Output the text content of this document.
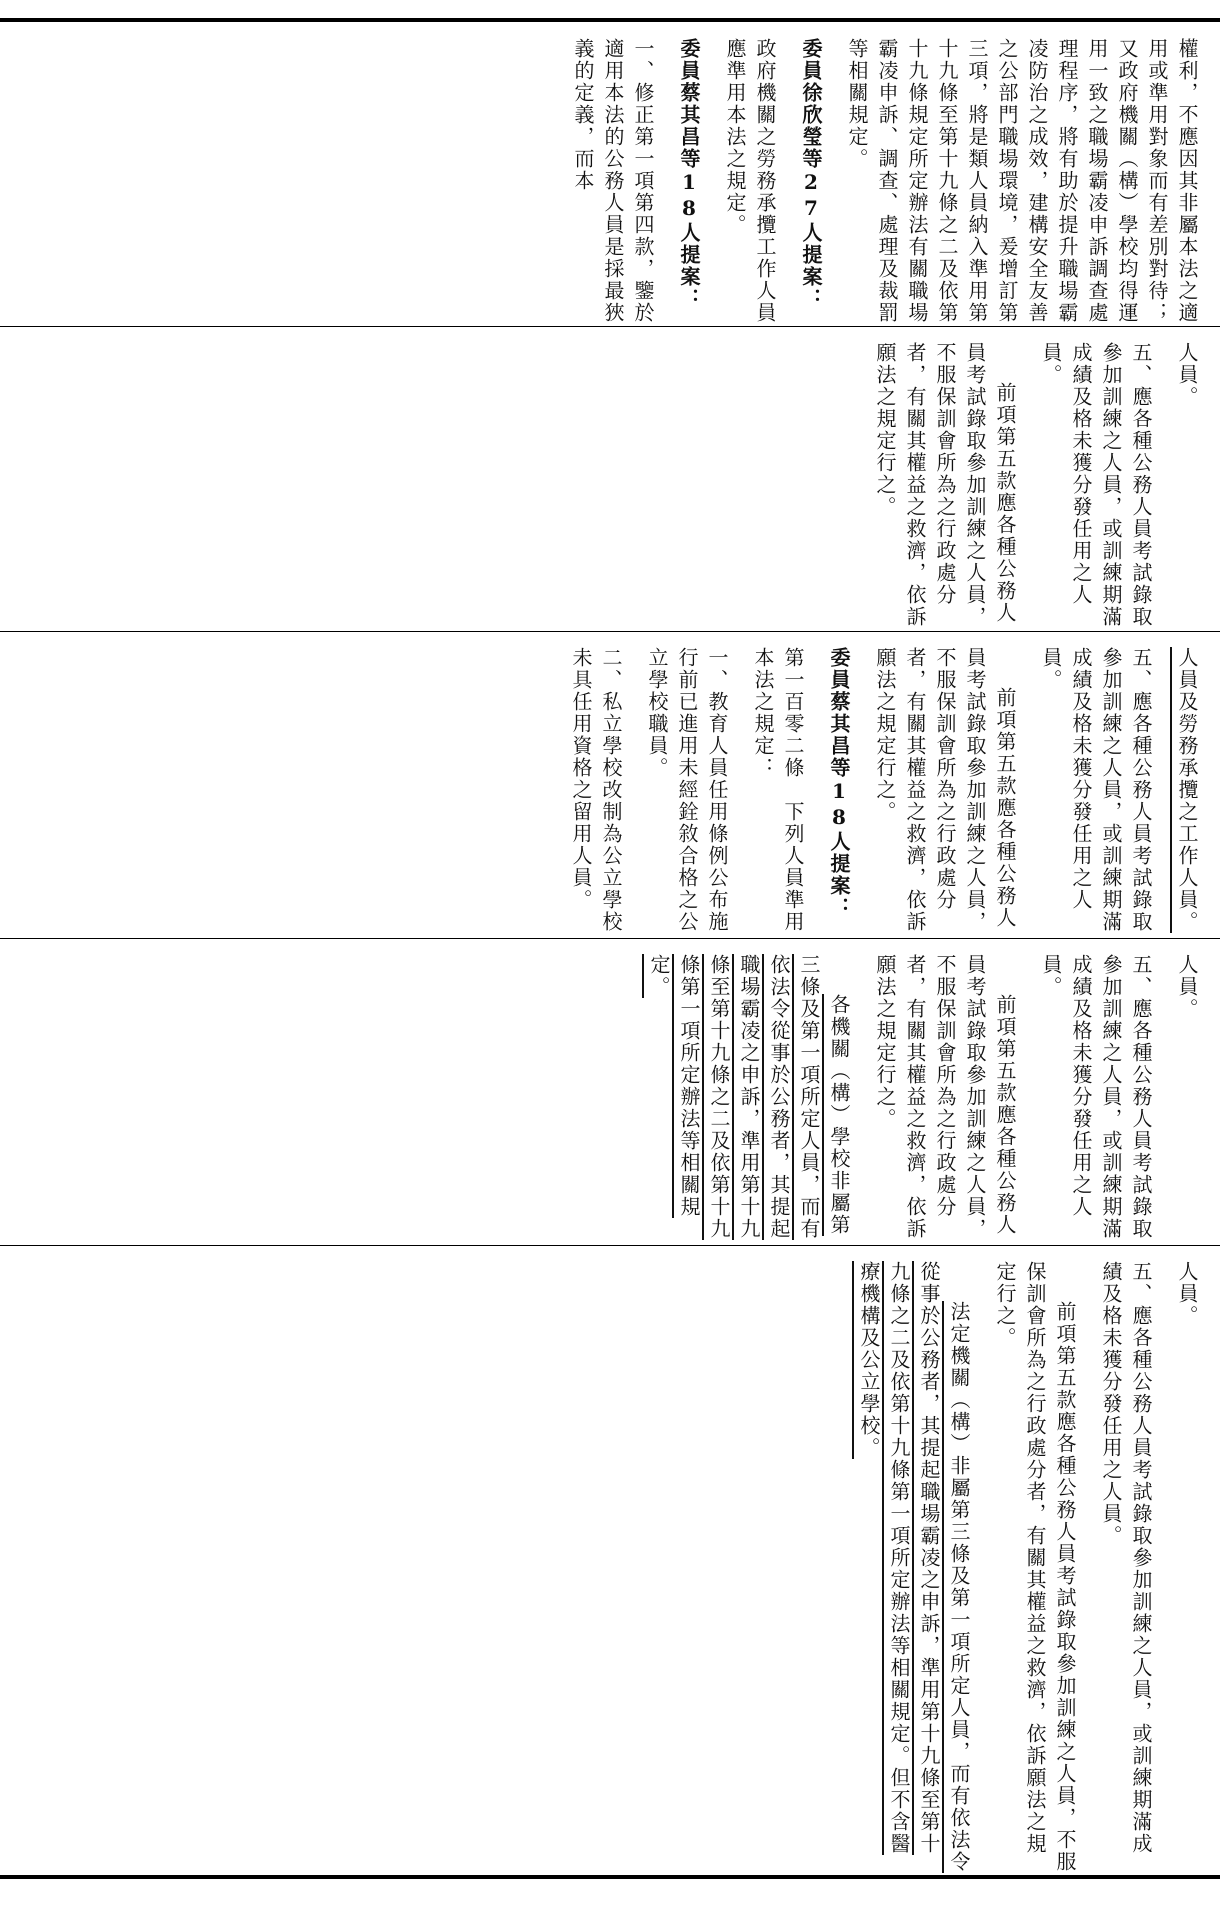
權利，不應因其非屬本法之適用或準用對象而有差別對待；又政府機關（構）學校均得運用一致之職場霸凌申訴調查處理程序，將有助於提升職場霸凌防治之成效，建構安全友善之公部門職場環境，爰增訂第三項，將是類人員納入準用第十九條至第十九條之二及依第十九條規定所定辦法有關職場霸凌申訴、調查、處理及裁罰等相關規定。

委員徐欣瑩等27人提案：

政府機關之勞務承攬工作人員應準用本法之規定。

委員蔡其昌等18人提案：

一、修正第一項第四款，鑒於適用本法的公務人員是採最狹義的定義，而本

人員。

五、應各種公務人員考試錄取參加訓練之人員，或訓練期滿成績及格未獲分發任用之人員。

前項第五款應各種公務人員考試錄取參加訓練之人員，不服保訓會所為之行政處分者，有關其權益之救濟，依訴願法之規定行之。

人員及勞務承攬之工作人員。

五、應各種公務人員考試錄取參加訓練之人員，或訓練期滿成績及格未獲分發任用之人員。

前項第五款應各種公務人員考試錄取參加訓練之人員，不服保訓會所為之行政處分者，有關其權益之救濟，依訴願法之規定行之。

委員蔡其昌等18人提案：

第一百零二條　下列人員準用本法之規定：

一、教育人員任用條例公布施行前已進用未經銓敘合格之公立學校職員。

二、私立學校改制為公立學校未具任用資格之留用人員。

人員。

五、應各種公務人員考試錄取參加訓練之人員，或訓練期滿成績及格未獲分發任用之人員。

前項第五款應各種公務人員考試錄取參加訓練之人員，不服保訓會所為之行政處分者，有關其權益之救濟，依訴願法之規定行之。

各機關（構）學校非屬第三條及第一項所定人員，而有依法令從事於公務者，其提起職場霸凌之申訴，準用第十九條至第十九條之二及依第十九條第一項所定辦法等相關規定。

人員。

五、應各種公務人員考試錄取參加訓練之人員，或訓練期滿成績及格未獲分發任用之人員。

前項第五款應各種公務人員考試錄取參加訓練之人員，不服保訓會所為之行政處分者，有關其權益之救濟，依訴願法之規定行之。

法定機關（構）非屬第三條及第一項所定人員，而有依法令從事於公務者，其提起職場霸凌之申訴，準用第十九條至第十九條之二及依第十九條第一項所定辦法等相關規定。但不含醫療機構及公立學校。
